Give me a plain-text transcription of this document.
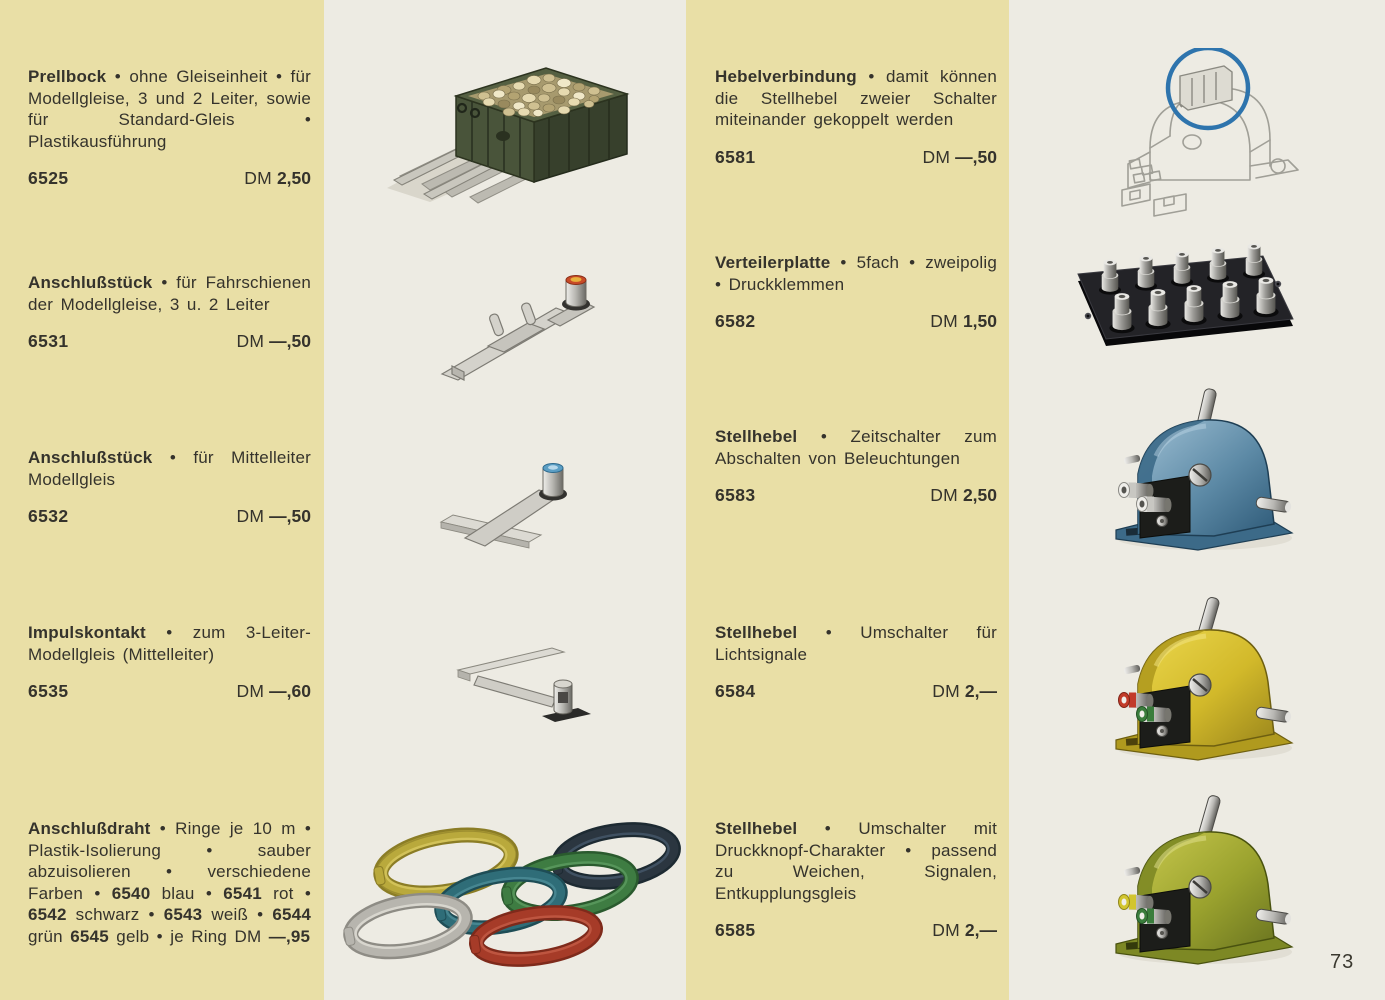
Prellbock • ohne Gleiseinheit • für Modellgleise, 3 und 2 Leiter, sowie für Standard-Gleis • Plastikausführung

6525	DM 2,50

Anschlußstück • für Fahrschienen der Modellgleise, 3 u. 2 Leiter

6531	DM —,50

Anschlußstück • für Mittelleiter Modellgleis

6532	DM —,50

Impulskontakt • zum 3-Leiter-Modellgleis (Mittelleiter)

6535	DM —,60

Anschlußdraht • Ringe je 10 m • Plastik-Isolierung • sauber abzuisolieren • verschiedene Farben • 6540 blau • 6541 rot • 6542 schwarz • 6543 weiß • 6544 grün 6545 gelb • je Ring DM —,95

Hebelverbindung • damit können die Stellhebel zweier Schalter miteinander gekoppelt werden

6581	DM —,50

Verteilerplatte • 5fach • zweipolig • Druckklemmen

6582	DM 1,50

Stellhebel • Zeitschalter zum Abschalten von Beleuchtungen

6583	DM 2,50

Stellhebel • Umschalter für Lichtsignale

6584	DM 2,—

Stellhebel • Umschalter mit Druckknopf-Charakter • passend zu Weichen, Signalen, Entkupplungsgleis

6585	DM 2,—
73
